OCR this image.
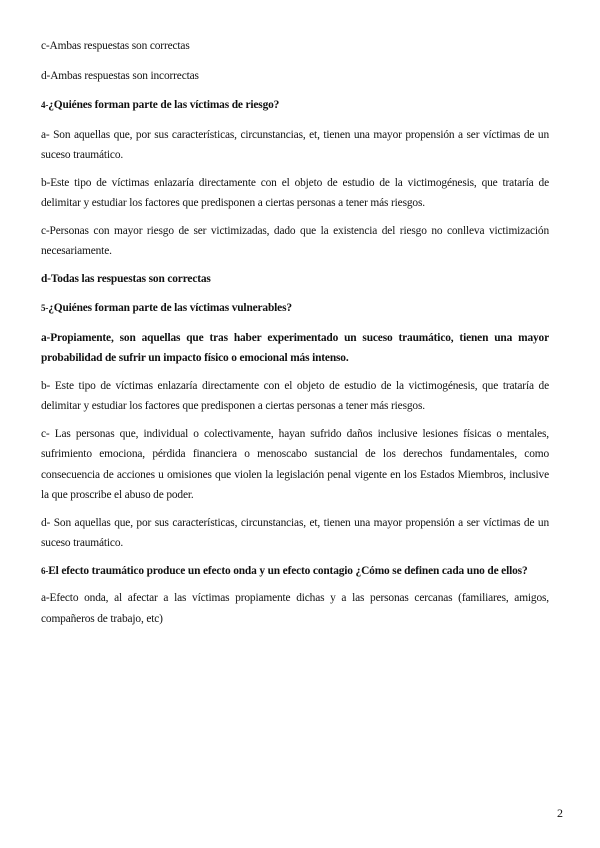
c-Ambas respuestas son correctas

d-Ambas respuestas son incorrectas

4-¿Quiénes forman parte de las víctimas de riesgo?

a- Son aquellas que, por sus características, circunstancias, et, tienen una mayor propensión a ser víctimas de un suceso traumático.

b-Este tipo de víctimas enlazaría directamente con el objeto de estudio de la victimogénesis, que trataría de delimitar y estudiar los factores que predisponen a ciertas personas a tener más riesgos.

c-Personas con mayor riesgo de ser victimizadas, dado que la existencia del riesgo no conlleva victimización necesariamente.

d-Todas las respuestas son correctas

5-¿Quiénes forman parte de las víctimas vulnerables?

a-Propiamente, son aquellas que tras haber experimentado un suceso traumático, tienen una mayor probabilidad de sufrir un impacto físico o emocional más intenso.

b- Este tipo de víctimas enlazaría directamente con el objeto de estudio de la victimogénesis, que trataría de delimitar y estudiar los factores que predisponen a ciertas personas a tener más riesgos.

c- Las personas que, individual o colectivamente, hayan sufrido daños inclusive lesiones físicas o mentales, sufrimiento emociona, pérdida financiera o menoscabo sustancial de los derechos fundamentales, como consecuencia de acciones u omisiones que violen la legislación penal vigente en los Estados Miembros, inclusive la que proscribe el abuso de poder.

d- Son aquellas que, por sus características, circunstancias, et, tienen una mayor propensión a ser víctimas de un suceso traumático.

6-El efecto traumático produce un efecto onda y un efecto contagio ¿Cómo se definen cada uno de ellos?

a-Efecto onda, al afectar a las víctimas propiamente dichas y a las personas cercanas (familiares, amigos, compañeros de trabajo, etc)

2
